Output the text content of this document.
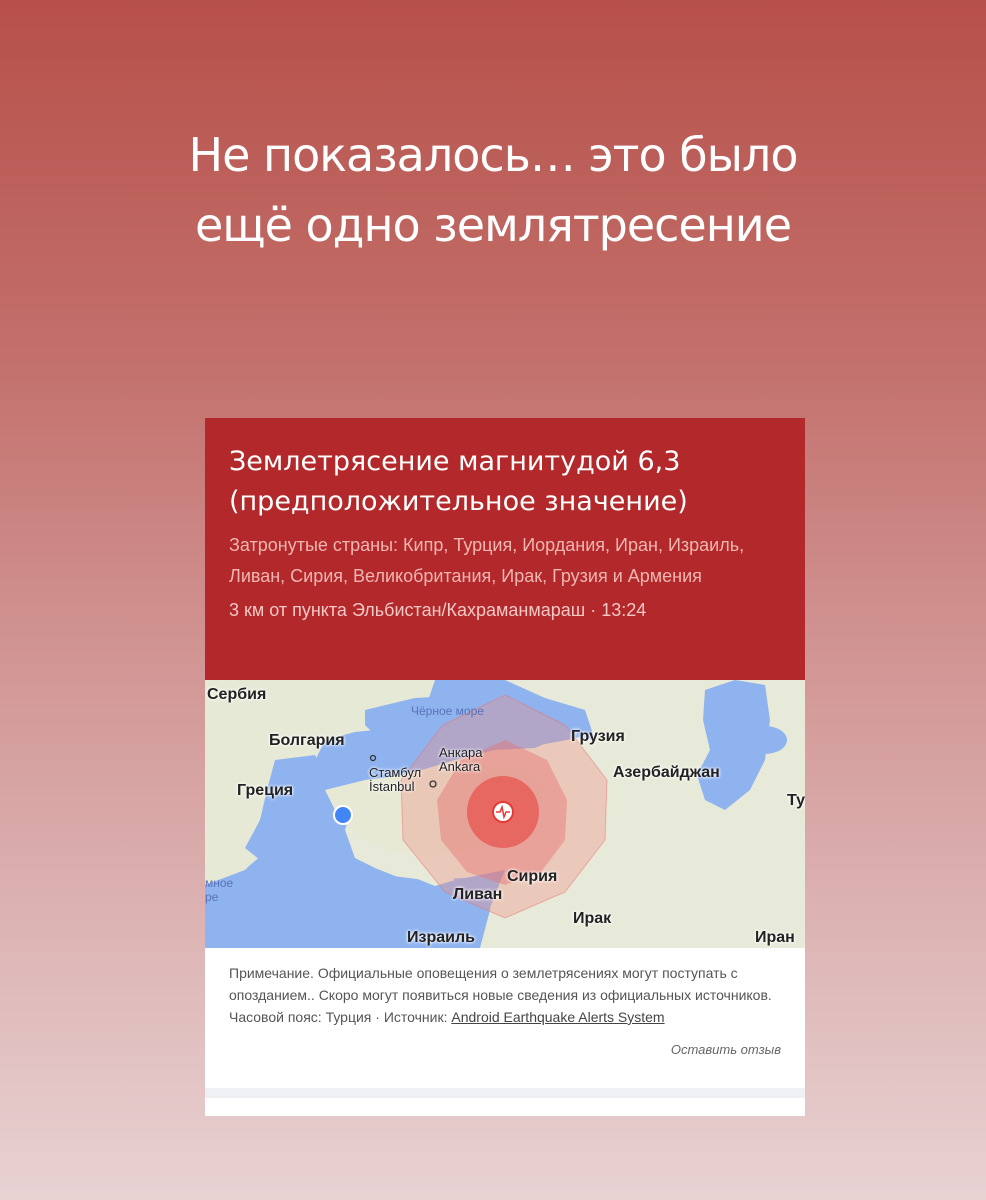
Не показалось… это было
ещё одно землятресение
Землетрясение магнитудой 6,3
(предположительное значение)
Затронутые страны: Кипр, Турция, Иордания, Иран, Израиль, Ливан, Сирия, Великобритания, Ирак, Грузия и Армения
3 км от пункта Эльбистан/Кахраманмараш · 13:24
Сербия
Чёрное море
Грузия
Болгария
Анкара
Ankara
Стамбул
İstanbul
Азербайджан
Греция
Ту
мное
ре
Сирия
Ливан
Ирак
Израиль	Иран
Примечание. Официальные оповещения о землетрясениях могут поступать с опозданием.. Скоро могут появиться новые сведения из официальных источников.
Часовой пояс: Турция · Источник: Android Earthquake Alerts System
Оставить отзыв
